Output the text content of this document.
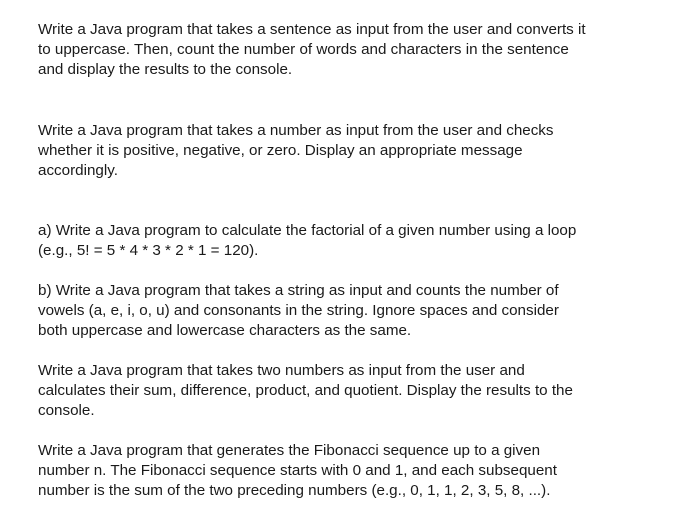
Write a Java program that takes a sentence as input from the user and converts it
to uppercase. Then, count the number of words and characters in the sentence
and display the results to the console.

Write a Java program that takes a number as input from the user and checks
whether it is positive, negative, or zero. Display an appropriate message
accordingly.

a) Write a Java program to calculate the factorial of a given number using a loop
(e.g., 5! = 5 * 4 * 3 * 2 * 1 = 120).

b) Write a Java program that takes a string as input and counts the number of
vowels (a, e, i, o, u) and consonants in the string. Ignore spaces and consider
both uppercase and lowercase characters as the same.

Write a Java program that takes two numbers as input from the user and
calculates their sum, difference, product, and quotient. Display the results to the
console.

Write a Java program that generates the Fibonacci sequence up to a given
number n. The Fibonacci sequence starts with 0 and 1, and each subsequent
number is the sum of the two preceding numbers (e.g., 0, 1, 1, 2, 3, 5, 8, ...).
